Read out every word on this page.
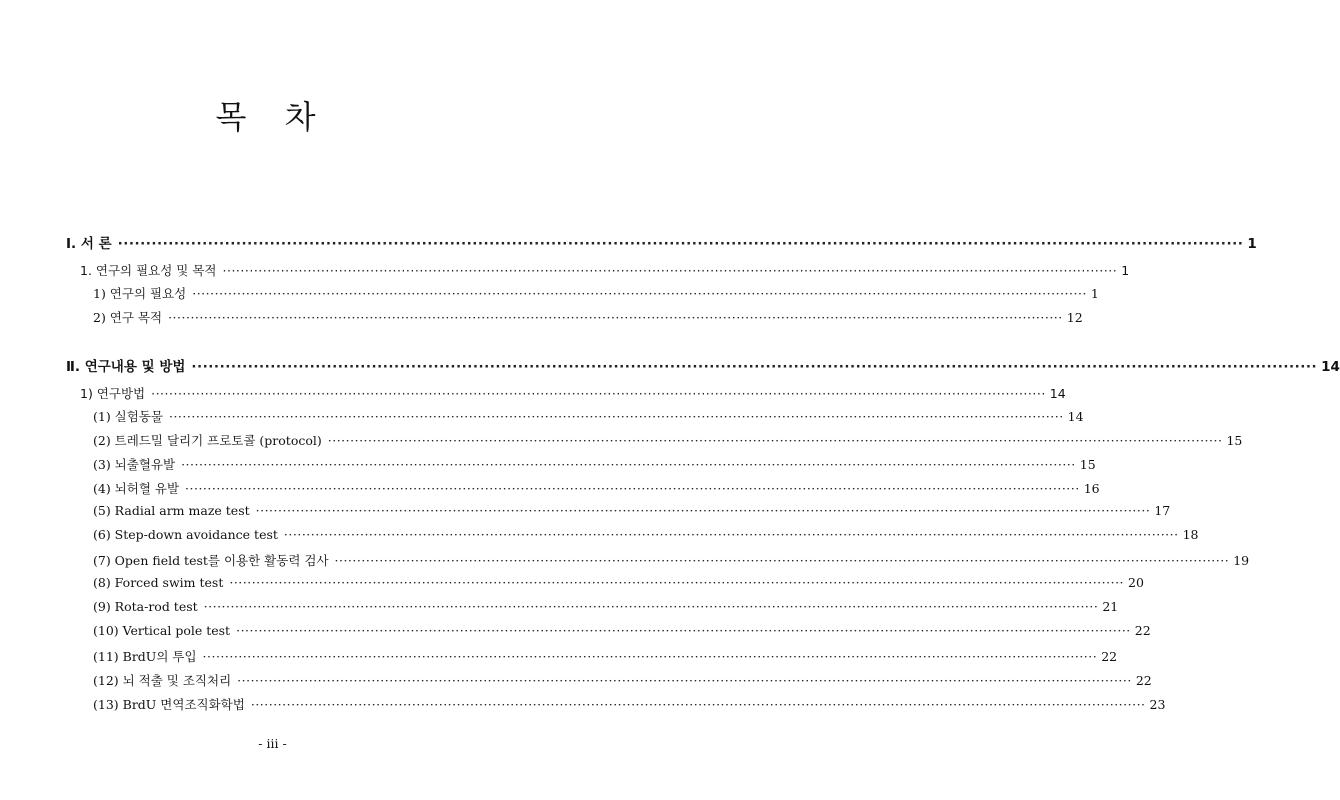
목 차
Ⅰ. 서 론 ········································································································································································································ 1
1. 연구의 필요성 및 목적 ········································································································································································································ 1
1) 연구의 필요성 ········································································································································································································ 1
2) 연구 목적 ········································································································································································································ 12
Ⅱ. 연구내용 및 방법 ········································································································································································································ 14
1) 연구방법 ········································································································································································································ 14
(1) 실험동물 ········································································································································································································ 14
(2) 트레드밀 달리기 프로토콜 (protocol) ········································································································································································································ 15
(3) 뇌출혈유발 ········································································································································································································ 15
(4) 뇌허혈 유발 ········································································································································································································ 16
(5) Radial arm maze test ········································································································································································································ 17
(6) Step-down avoidance test ········································································································································································································ 18
(7) Open field test를 이용한 활동력 검사 ········································································································································································································ 19
(8) Forced swim test ········································································································································································································ 20
(9) Rota-rod test ········································································································································································································ 21
(10) Vertical pole test ········································································································································································································ 22
(11) BrdU의 투입 ········································································································································································································ 22
(12) 뇌 적출 및 조직처리 ········································································································································································································ 22
(13) BrdU 면역조직화학법 ········································································································································································································ 23
- iii -
